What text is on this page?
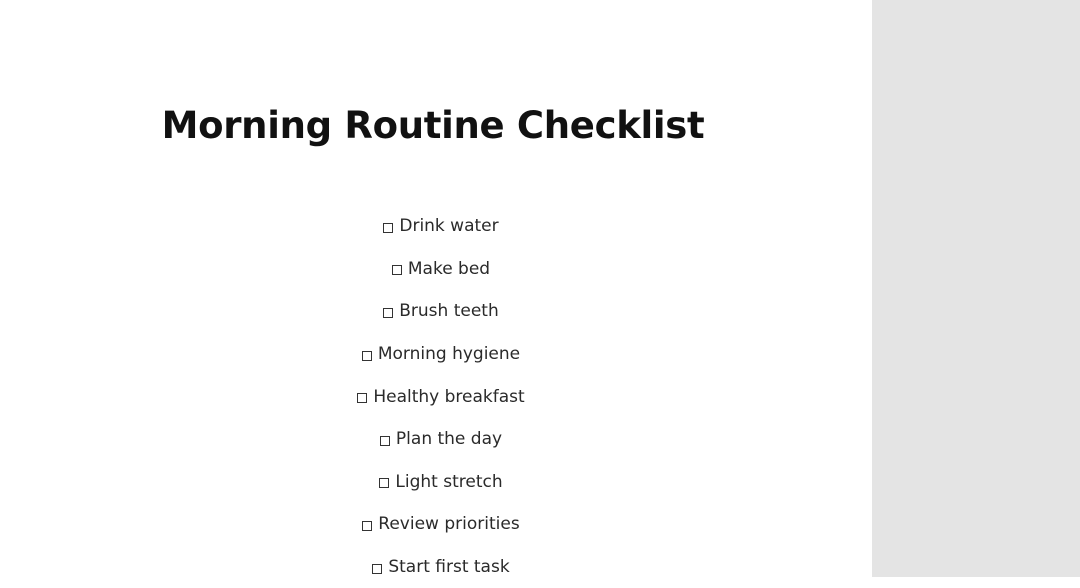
Morning Routine Checklist
Drink water
Make bed
Brush teeth
Morning hygiene
Healthy breakfast
Plan the day
Light stretch
Review priorities
Start first task
